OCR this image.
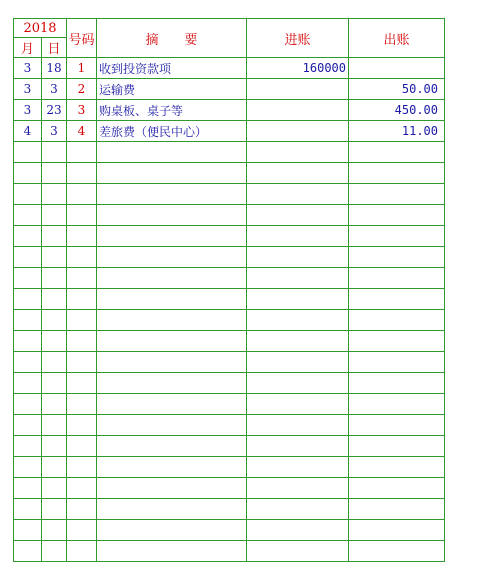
2018		号码	摘　　要	进账	出账
月	日				
3	18	1	收到投资款项	160000	
3	3	2	运输费		50.00
3	23	3	购桌板、桌子等		450.00
4	3	4	差旅费（便民中心）		11.00
